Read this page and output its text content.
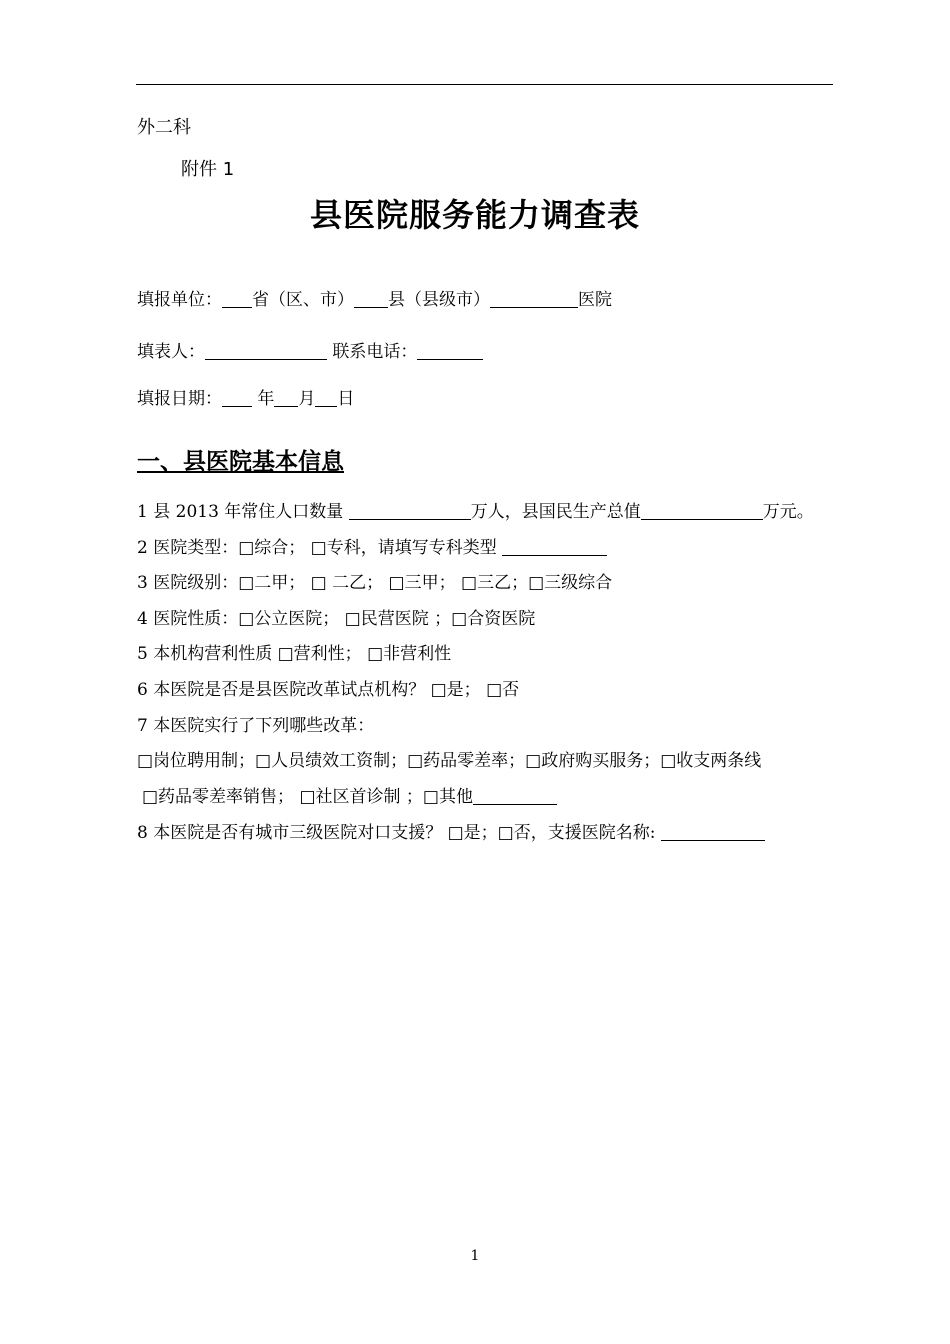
外二科
附件 1
县医院服务能力调查表
填报单位： 省（区、市） 县（县级市）	医院
填表人：	联系电话：
填报日期： 年 月 日
一、县医院基本信息
1 县 2013 年常住人口数量	万人，县国民生产总值	万元。
2 医院类型：□综合； □专科，请填写专科类型
3 医院级别：□二甲； □ 二乙； □三甲； □三乙；□三级综合
4 医院性质：□公立医院； □民营医院 ；□合资医院
5 本机构营利性质 □营利性； □非营利性
6 本医院是否是县医院改革试点机构？ □是； □否
7 本医院实行了下列哪些改革：
□岗位聘用制；□人员绩效工资制；□药品零差率；□政府购买服务；□收支两条线
□药品零差率销售； □社区首诊制 ；□其他
8 本医院是否有城市三级医院对口支援？ □是；□否，支援医院名称:
1
